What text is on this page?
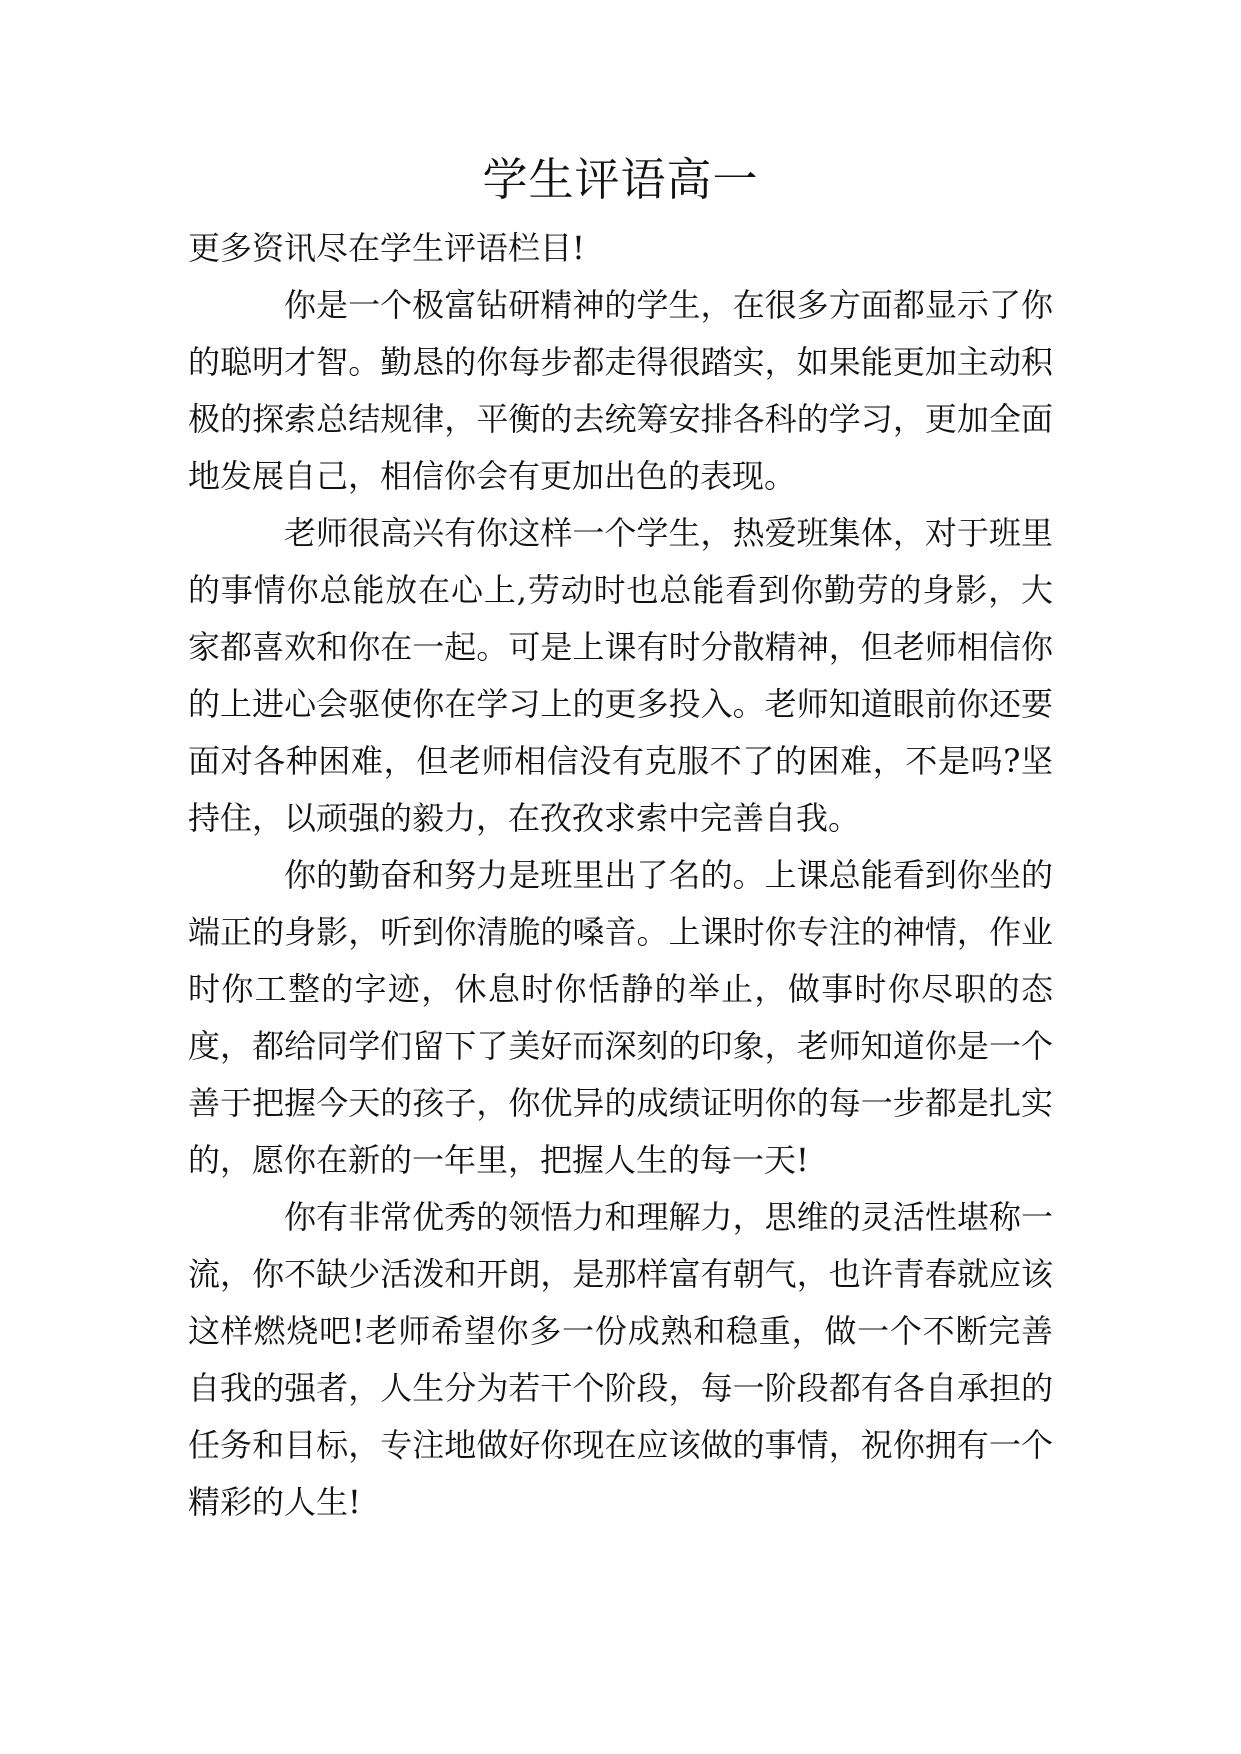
学生评语高一

更多资讯尽在学生评语栏目!

你是一个极富钻研精神的学生，在很多方面都显示了你的聪明才智。勤恳的你每步都走得很踏实，如果能更加主动积极的探索总结规律，平衡的去统筹安排各科的学习，更加全面地发展自己，相信你会有更加出色的表现。

老师很高兴有你这样一个学生，热爱班集体，对于班里的事情你总能放在心上,劳动时也总能看到你勤劳的身影，大家都喜欢和你在一起。可是上课有时分散精神，但老师相信你的上进心会驱使你在学习上的更多投入。老师知道眼前你还要面对各种困难，但老师相信没有克服不了的困难，不是吗?坚持住，以顽强的毅力，在孜孜求索中完善自我。

你的勤奋和努力是班里出了名的。上课总能看到你坐的端正的身影，听到你清脆的嗓音。上课时你专注的神情，作业时你工整的字迹，休息时你恬静的举止，做事时你尽职的态度，都给同学们留下了美好而深刻的印象，老师知道你是一个善于把握今天的孩子，你优异的成绩证明你的每一步都是扎实的，愿你在新的一年里，把握人生的每一天!

你有非常优秀的领悟力和理解力，思维的灵活性堪称一流，你不缺少活泼和开朗，是那样富有朝气，也许青春就应该这样燃烧吧!老师希望你多一份成熟和稳重，做一个不断完善自我的强者，人生分为若干个阶段，每一阶段都有各自承担的任务和目标，专注地做好你现在应该做的事情，祝你拥有一个精彩的人生!
